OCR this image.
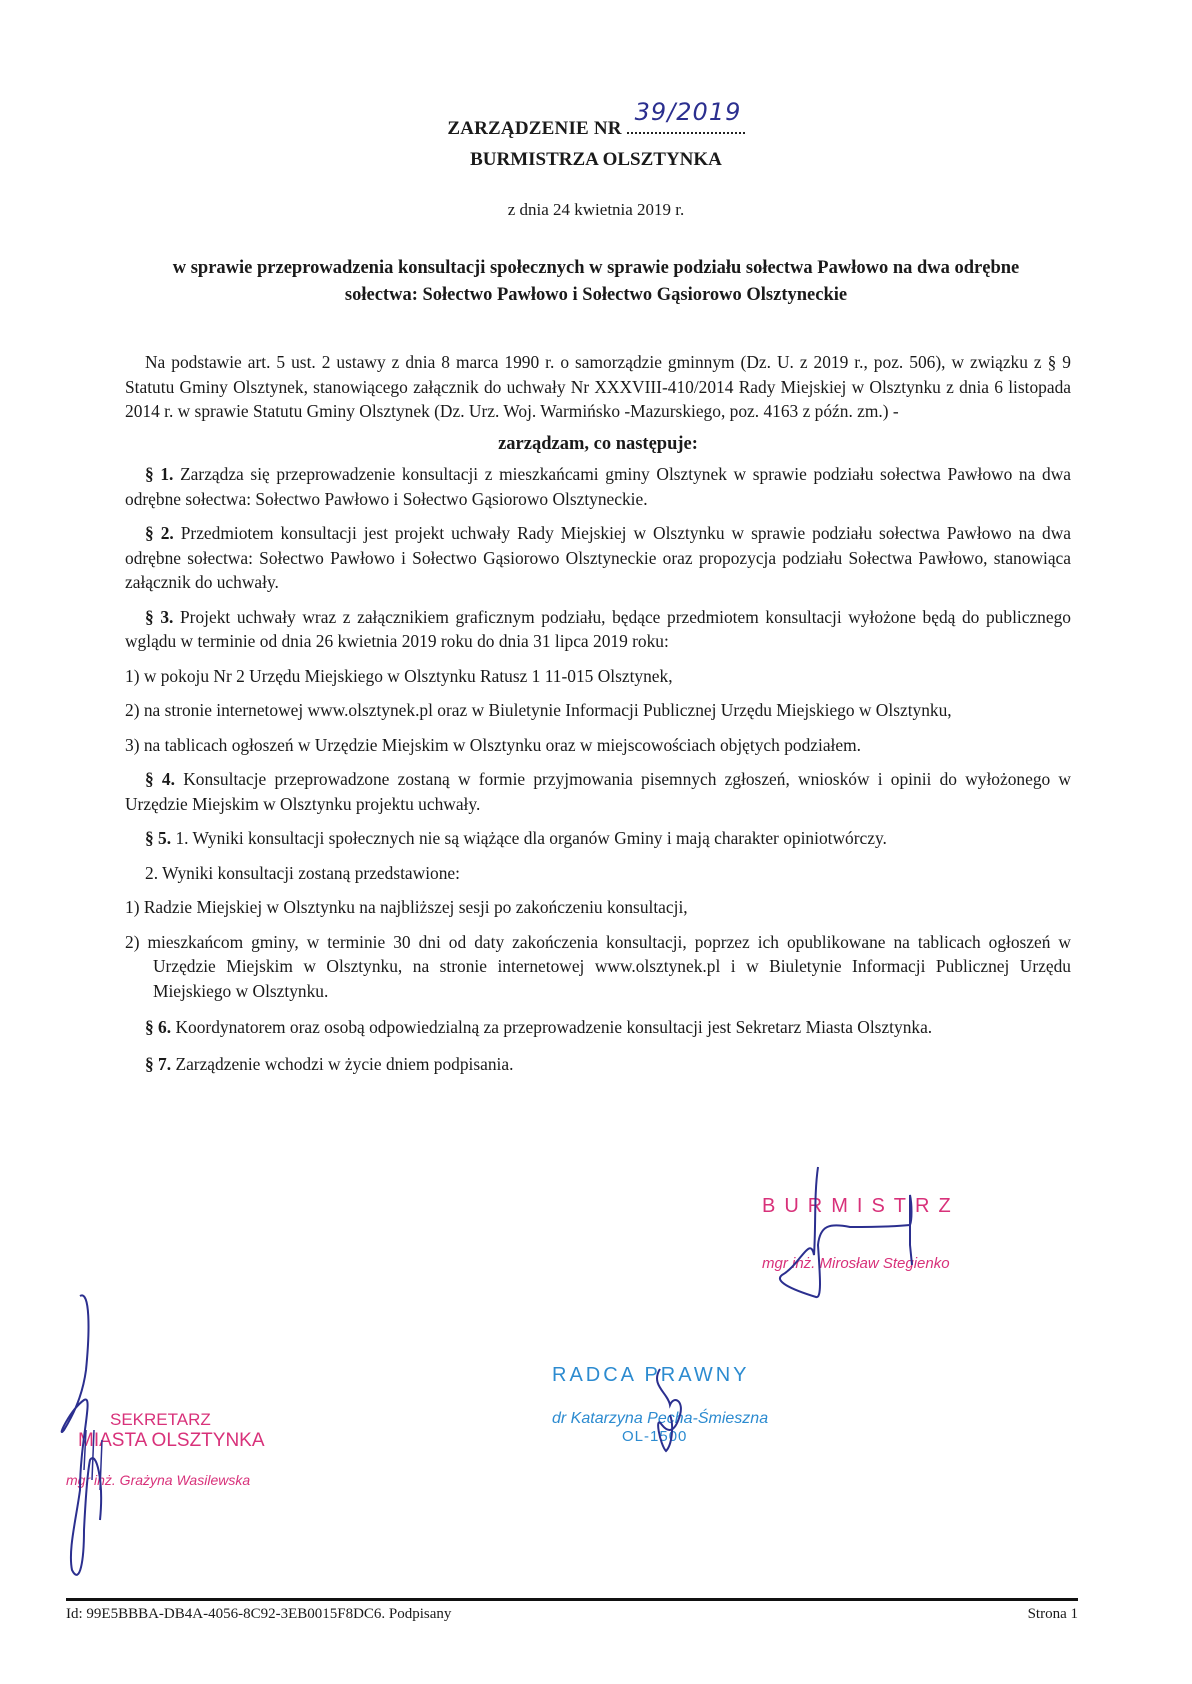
ZARZĄDZENIE NR
39/2019
BURMISTRZA OLSZTYNKA
z dnia 24 kwietnia 2019 r.
w sprawie przeprowadzenia konsultacji społecznych w sprawie podziału sołectwa Pawłowo na dwa odrębne sołectwa: Sołectwo Pawłowo i Sołectwo Gąsiorowo Olsztyneckie

Na podstawie art. 5 ust. 2 ustawy z dnia 8 marca 1990 r. o samorządzie gminnym (Dz. U. z 2019 r., poz. 506), w związku z § 9 Statutu Gminy Olsztynek, stanowiącego załącznik do uchwały Nr XXXVIII-410/2014 Rady Miejskiej w Olsztynku z dnia 6 listopada 2014 r. w sprawie Statutu Gminy Olsztynek (Dz. Urz. Woj. Warmińsko -Mazurskiego, poz. 4163 z późn. zm.) -

zarządzam, co następuje:

§ 1. Zarządza się przeprowadzenie konsultacji z mieszkańcami gminy Olsztynek w sprawie podziału sołectwa Pawłowo na dwa odrębne sołectwa: Sołectwo Pawłowo i Sołectwo Gąsiorowo Olsztyneckie.

§ 2. Przedmiotem konsultacji jest projekt uchwały Rady Miejskiej w Olsztynku w sprawie podziału sołectwa Pawłowo na dwa odrębne sołectwa: Sołectwo Pawłowo i Sołectwo Gąsiorowo Olsztyneckie oraz propozycja podziału Sołectwa Pawłowo, stanowiąca załącznik do uchwały.

§ 3. Projekt uchwały wraz z załącznikiem graficznym podziału, będące przedmiotem konsultacji wyłożone będą do publicznego wglądu w terminie od dnia 26 kwietnia 2019 roku do dnia 31 lipca 2019 roku:

1) w pokoju Nr 2 Urzędu Miejskiego w Olsztynku Ratusz 1 11-015 Olsztynek,

2) na stronie internetowej www.olsztynek.pl oraz w Biuletynie Informacji Publicznej Urzędu Miejskiego w Olsztynku,

3) na tablicach ogłoszeń w Urzędzie Miejskim w Olsztynku oraz w miejscowościach objętych podziałem.

§ 4. Konsultacje przeprowadzone zostaną w formie przyjmowania pisemnych zgłoszeń, wniosków i opinii do wyłożonego w Urzędzie Miejskim w Olsztynku projektu uchwały.

§ 5. 1. Wyniki konsultacji społecznych nie są wiążące dla organów Gminy i mają charakter opiniotwórczy.

2. Wyniki konsultacji zostaną przedstawione:

1) Radzie Miejskiej w Olsztynku na najbliższej sesji po zakończeniu konsultacji,

2) mieszkańcom gminy, w terminie 30 dni od daty zakończenia konsultacji, poprzez ich opublikowane na tablicach ogłoszeń w Urzędzie Miejskim w Olsztynku, na stronie internetowej www.olsztynek.pl i w Biuletynie Informacji Publicznej Urzędu Miejskiego w Olsztynku.

§ 6. Koordynatorem oraz osobą odpowiedzialną za przeprowadzenie konsultacji jest Sekretarz Miasta Olsztynka.

§ 7. Zarządzenie wchodzi w życie dniem podpisania.

BURMISTRZ
mgr inż. Mirosław Stegienko
RADCA PRAWNY
dr Katarzyna Pecha-Śmieszna
OL-1500
SEKRETARZ
MIASTA OLSZTYNKA
mgr inż. Grażyna Wasilewska
Id: 99E5BBBA-DB4A-4056-8C92-3EB0015F8DC6. Podpisany	Strona 1
